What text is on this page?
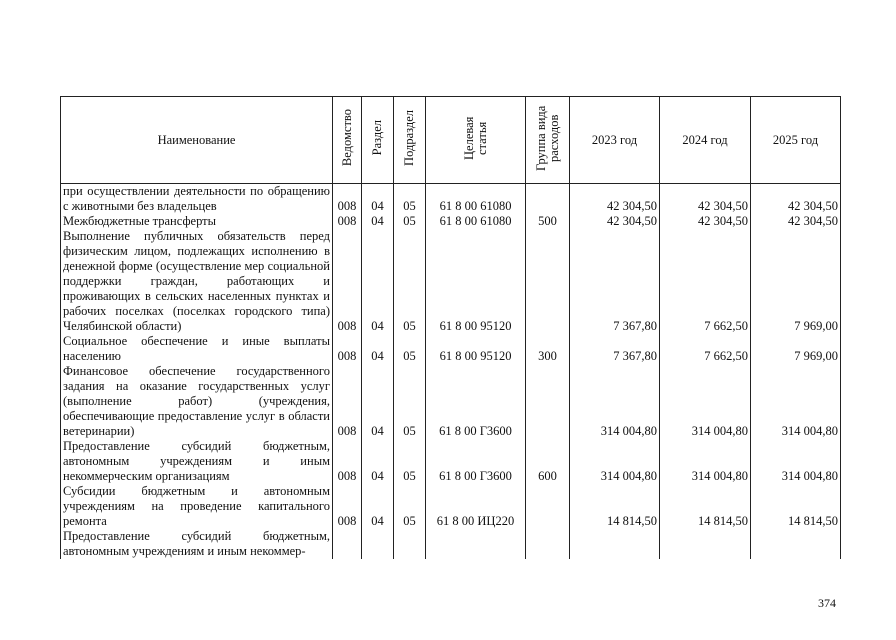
Наименование	Ведомство	Раздел	Подраздел	Целевая статья	Группа вида расходов	2023 год	2024 год	2025 год
при осуществлении деятельности по обращению с животными без владельцев	008	04	05	61 8 00 61080		42 304,50	42 304,50	42 304,50
Межбюджетные трансферты	008	04	05	61 8 00 61080	500	42 304,50	42 304,50	42 304,50
Выполнение публичных обязательств перед физическим лицом, подлежащих исполнению в денежной форме (осуществление мер социальной поддержки граждан, работающих и проживающих в сельских населенных пунктах и рабочих поселках (поселках городского типа) Челябинской области)	008	04	05	61 8 00 95120		7 367,80	7 662,50	7 969,00
Социальное обеспечение и иные выплаты населению	008	04	05	61 8 00 95120	300	7 367,80	7 662,50	7 969,00
Финансовое обеспечение государственного задания на оказание государственных услуг (выполнение работ) (учреждения, обеспечивающие предоставление услуг в области ветеринарии)	008	04	05	61 8 00 Г3600		314 004,80	314 004,80	314 004,80
Предоставление субсидий бюджетным, автономным учреждениям и иным некоммерческим организациям	008	04	05	61 8 00 Г3600	600	314 004,80	314 004,80	314 004,80
Субсидии бюджетным и автономным учреждениям на проведение капитального ремонта	008	04	05	61 8 00 ИЦ220		14 814,50	14 814,50	14 814,50
Предоставление субсидий бюджетным, автономным учреждениям и иным некоммер-								
374
